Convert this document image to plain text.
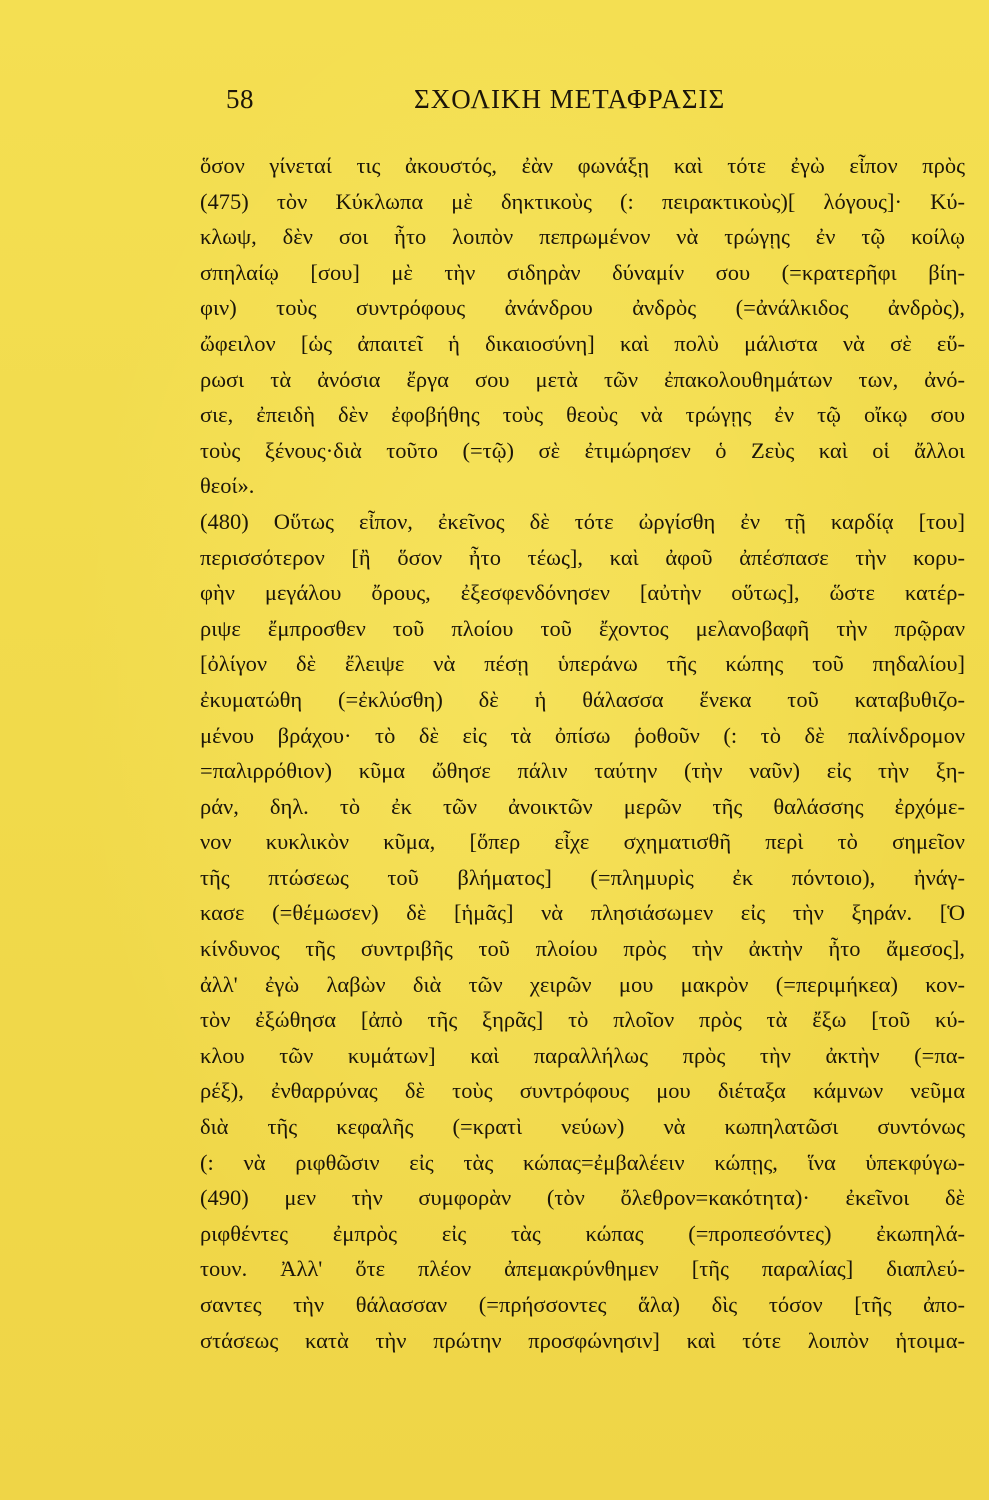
58	ΣΧΟΛΙΚΗ ΜΕΤΑΦΡΑΣΙΣ
ὅσον γίνεταί τις ἀκουστός, ἐὰν φωνάξῃ καὶ τότε ἐγὼ εἶπον πρὸς
(475) τὸν Κύκλωπα μὲ δηκτικοὺς (: πειρακτικοὺς)[ λόγους]· Κύ-
κλωψ, δὲν σοι ἦτο λοιπὸν πεπρωμένον νὰ τρώγῃς ἐν τῷ κοίλῳ
σπηλαίῳ [σου] μὲ τὴν σιδηρὰν δύναμίν σου (=κρατερῆφι βίη-
φιν) τοὺς συντρόφους ἀνάνδρου ἀνδρὸς (=ἀνάλκιδος ἀνδρὸς),
ὤφειλον [ὡς ἀπαιτεῖ ἡ δικαιοσύνη] καὶ πολὺ μάλιστα νὰ σὲ εὕ-
ρωσι τὰ ἀνόσια ἔργα σου μετὰ τῶν ἐπακολουθημάτων των, ἀνό-
σιε, ἐπειδὴ δὲν ἐφοβήθης τοὺς θεοὺς νὰ τρώγῃς ἐν τῷ οἴκῳ σου
τοὺς ξένους·διὰ τοῦτο (=τῷ) σὲ ἐτιμώρησεν ὁ Ζεὺς καὶ οἱ ἄλλοι
θεοί».
(480) Οὕτως εἶπον, ἐκεῖνος δὲ τότε ὠργίσθη ἐν τῇ καρδίᾳ [του]
περισσότερον [ἢ ὅσον ἦτο τέως], καὶ ἀφοῦ ἀπέσπασε τὴν κορυ-
φὴν μεγάλου ὄρους, ἐξεσφενδόνησεν [αὐτὴν οὕτως], ὥστε κατέρ-
ριψε ἔμπροσθεν τοῦ πλοίου τοῦ ἔχοντος μελανοβαφῆ τὴν πρῷραν
[ὀλίγον δὲ ἔλειψε νὰ πέσῃ ὑπεράνω τῆς κώπης τοῦ πηδαλίου]
ἐκυματώθη (=ἐκλύσθη) δὲ ἡ θάλασσα ἕνεκα τοῦ καταβυθιζο-
μένου βράχου· τὸ δὲ εἰς τὰ ὀπίσω ῥοθοῦν (: τὸ δὲ παλίνδρομον
=παλιρρόθιον) κῦμα ὤθησε πάλιν ταύτην (τὴν ναῦν) εἰς τὴν ξη-
ράν, δηλ. τὸ ἐκ τῶν ἀνοικτῶν μερῶν τῆς θαλάσσης ἐρχόμε-
νον κυκλικὸν κῦμα, [ὅπερ εἶχε σχηματισθῆ περὶ τὸ σημεῖον
τῆς πτώσεως τοῦ βλήματος] (=πλημυρὶς ἐκ πόντοιο), ἠνάγ-
κασε (=θέμωσεν) δὲ [ἡμᾶς] νὰ πλησιάσωμεν εἰς τὴν ξηράν. [Ὁ
κίνδυνος τῆς συντριβῆς τοῦ πλοίου πρὸς τὴν ἀκτὴν ἦτο ἄμεσος],
ἀλλ' ἐγὼ λαβὼν διὰ τῶν χειρῶν μου μακρὸν (=περιμήκεα) κον-
τὸν ἐξώθησα [ἀπὸ τῆς ξηρᾶς] τὸ πλοῖον πρὸς τὰ ἔξω [τοῦ κύ-
κλου τῶν κυμάτων] καὶ παραλλήλως πρὸς τὴν ἀκτὴν (=πα-
ρέξ), ἐνθαρρύνας δὲ τοὺς συντρόφους μου διέταξα κάμνων νεῦμα
διὰ τῆς κεφαλῆς (=κρατὶ νεύων) νὰ κωπηλατῶσι συντόνως
(: νὰ ριφθῶσιν εἰς τὰς κώπας=ἐμβαλέειν κώπῃς, ἵνα ὑπεκφύγω-
(490) μεν τὴν συμφορὰν (τὸν ὄλεθρον=κακότητα)· ἐκεῖνοι δὲ
ριφθέντες ἐμπρὸς εἰς τὰς κώπας (=προπεσόντες) ἐκωπηλά-
τουν. Ἀλλ' ὅτε πλέον ἀπεμακρύνθημεν [τῆς παραλίας] διαπλεύ-
σαντες τὴν θάλασσαν (=πρήσσοντες ἅλα) δὶς τόσον [τῆς ἀπο-
στάσεως κατὰ τὴν πρώτην προσφώνησιν] καὶ τότε λοιπὸν ἡτοιμα-
